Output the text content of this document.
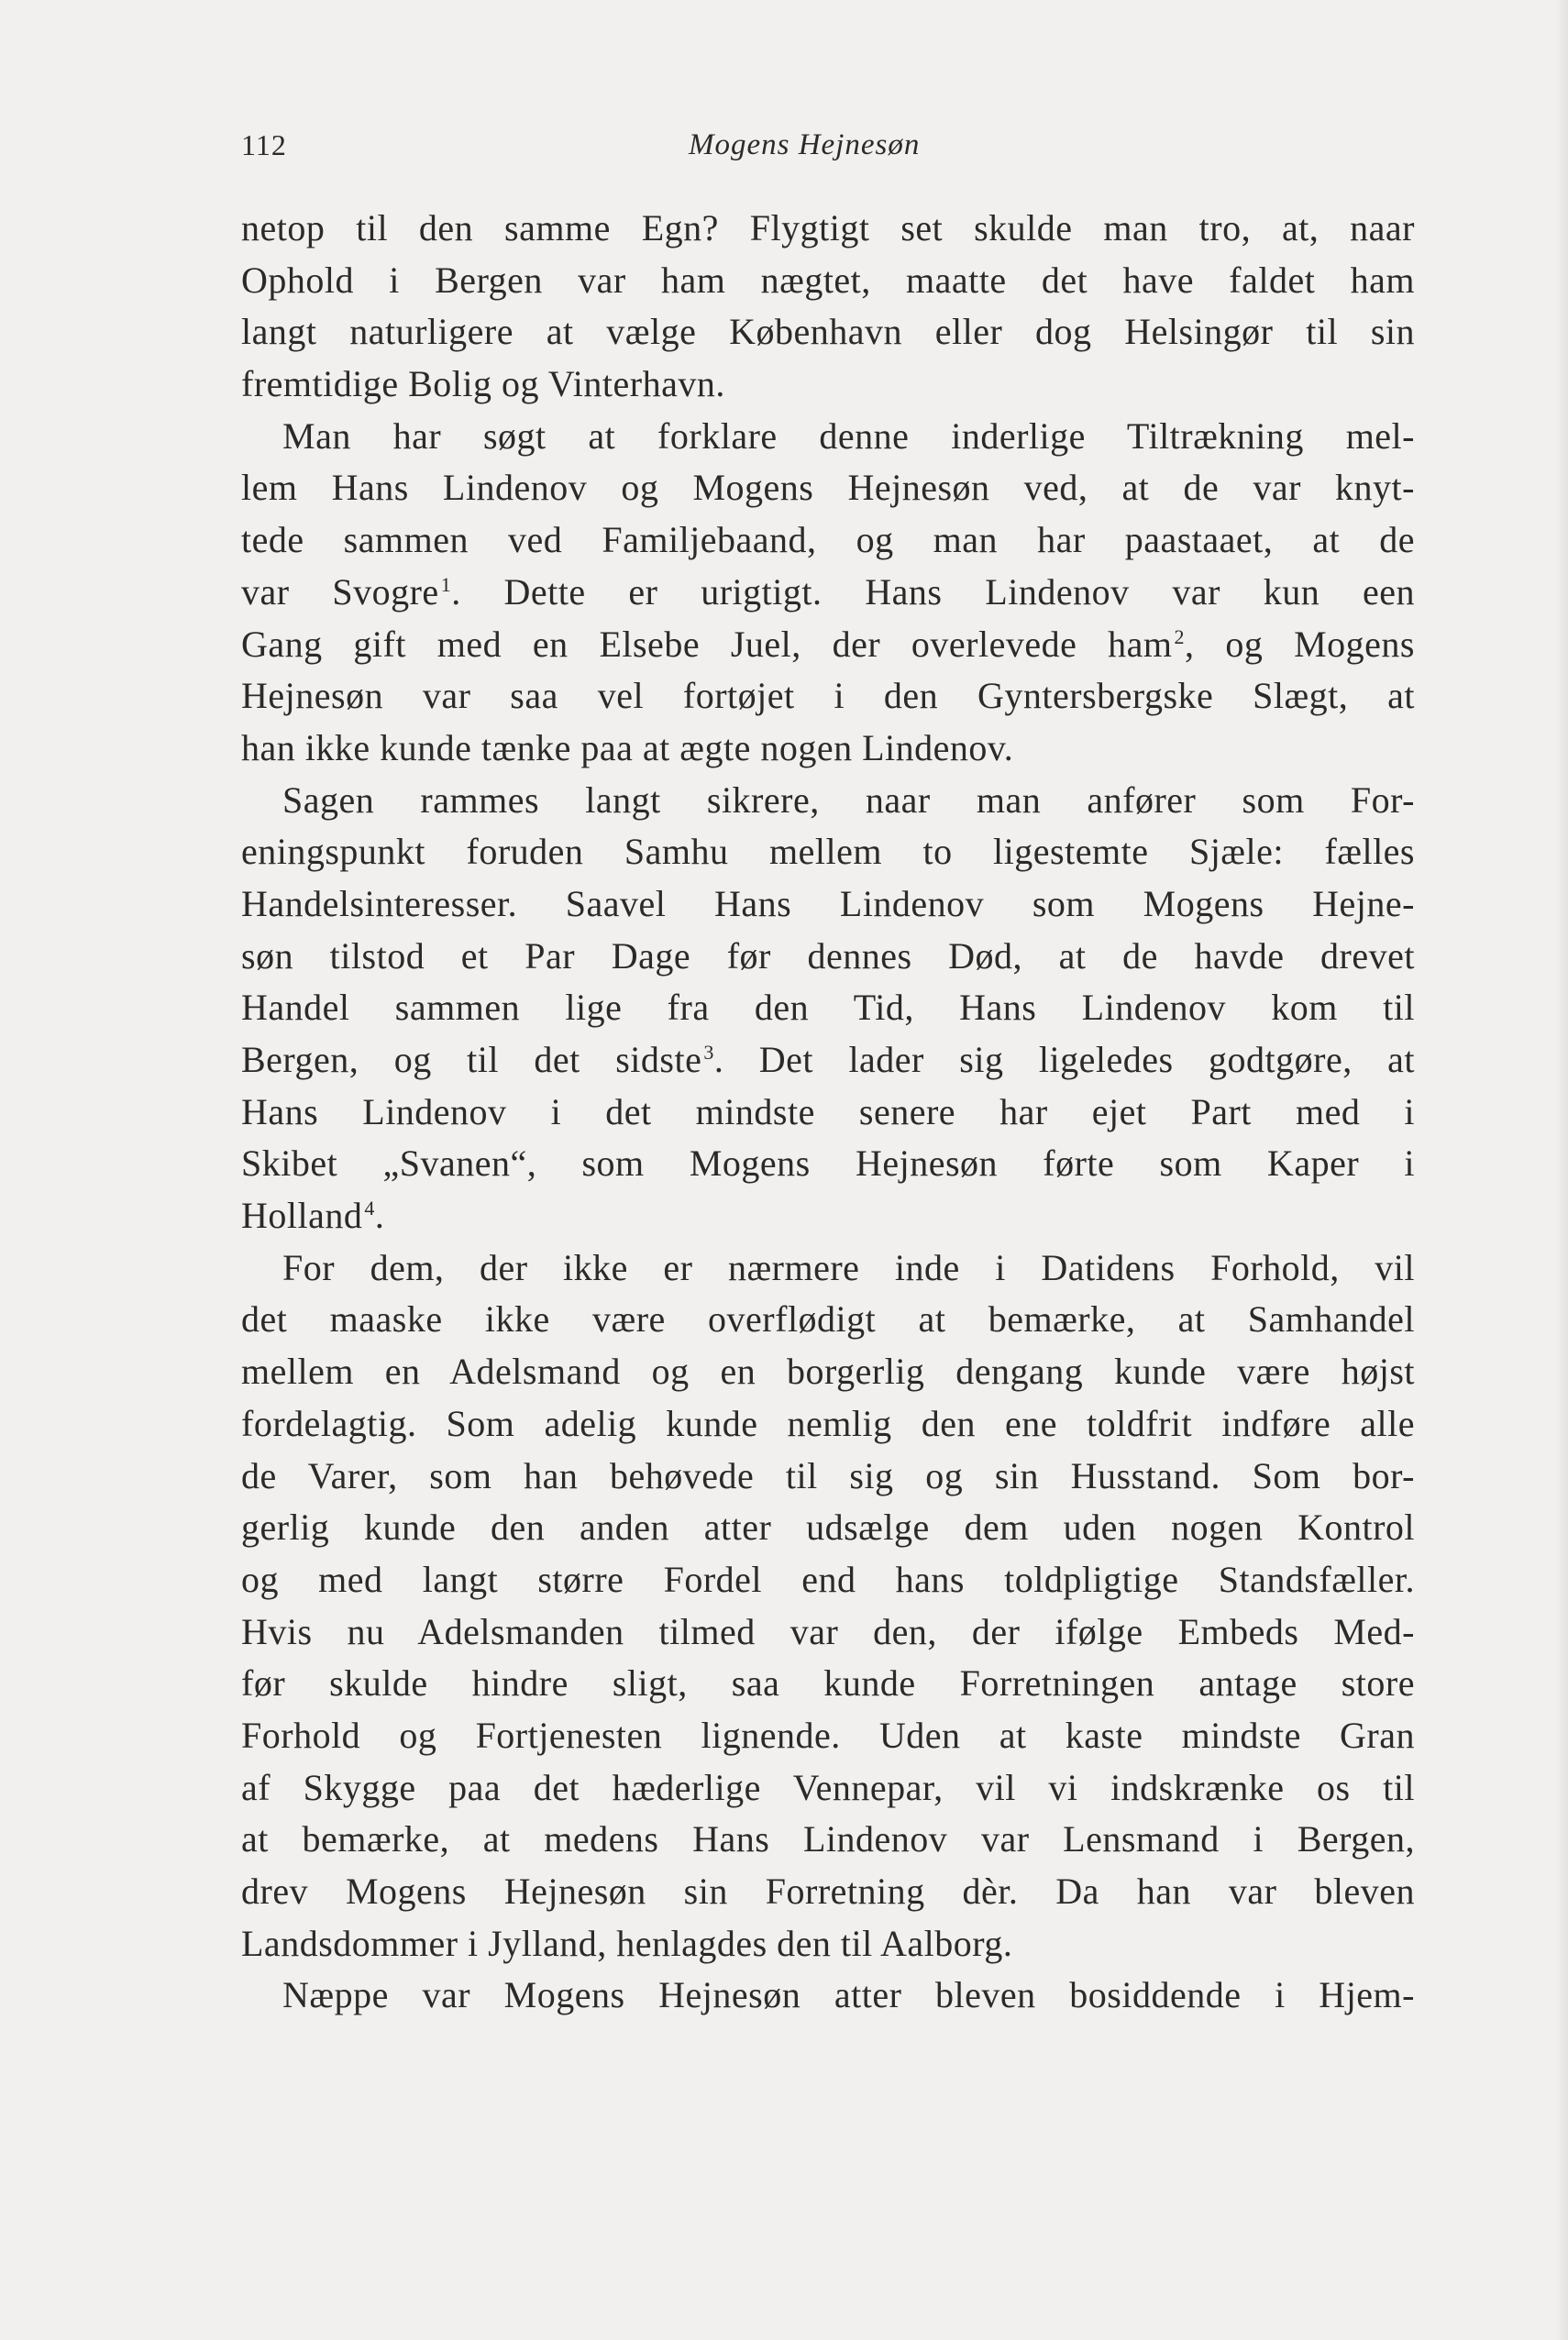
112	Mogens Hejnesøn
netop til den samme Egn? Flygtigt set skulde man tro, at, naar
Ophold i Bergen var ham nægtet, maatte det have faldet ham
langt naturligere at vælge København eller dog Helsingør til sin
fremtidige Bolig og Vinterhavn.
Man har søgt at forklare denne inderlige Tiltrækning mel-
lem Hans Lindenov og Mogens Hejnesøn ved, at de var knyt-
tede sammen ved Familjebaand, og man har paastaaet, at de
var Svogre$^1$. Dette er urigtigt. Hans Lindenov var kun een
Gang gift med en Elsebe Juel, der overlevede ham$^2$, og Mogens
Hejnesøn var saa vel fortøjet i den Gyntersbergske Slægt, at
han ikke kunde tænke paa at ægte nogen Lindenov.
Sagen rammes langt sikrere, naar man anfører som For-
eningspunkt foruden Samhu mellem to ligestemte Sjæle: fælles
Handelsinteresser. Saavel Hans Lindenov som Mogens Hejne-
søn tilstod et Par Dage før dennes Død, at de havde drevet
Handel sammen lige fra den Tid, Hans Lindenov kom til
Bergen, og til det sidste$^3$. Det lader sig ligeledes godtgøre, at
Hans Lindenov i det mindste senere har ejet Part med i
Skibet „Svanen“, som Mogens Hejnesøn førte som Kaper i
Holland$^4$.
For dem, der ikke er nærmere inde i Datidens Forhold, vil
det maaske ikke være overflødigt at bemærke, at Samhandel
mellem en Adelsmand og en borgerlig dengang kunde være højst
fordelagtig. Som adelig kunde nemlig den ene toldfrit indføre alle
de Varer, som han behøvede til sig og sin Husstand. Som bor-
gerlig kunde den anden atter udsælge dem uden nogen Kontrol
og med langt større Fordel end hans toldpligtige Standsfæller.
Hvis nu Adelsmanden tilmed var den, der ifølge Embeds Med-
før skulde hindre sligt, saa kunde Forretningen antage store
Forhold og Fortjenesten lignende. Uden at kaste mindste Gran
af Skygge paa det hæderlige Vennepar, vil vi indskrænke os til
at bemærke, at medens Hans Lindenov var Lensmand i Bergen,
drev Mogens Hejnesøn sin Forretning dèr. Da han var bleven
Landsdommer i Jylland, henlagdes den til Aalborg.
Næppe var Mogens Hejnesøn atter bleven bosiddende i Hjem-
